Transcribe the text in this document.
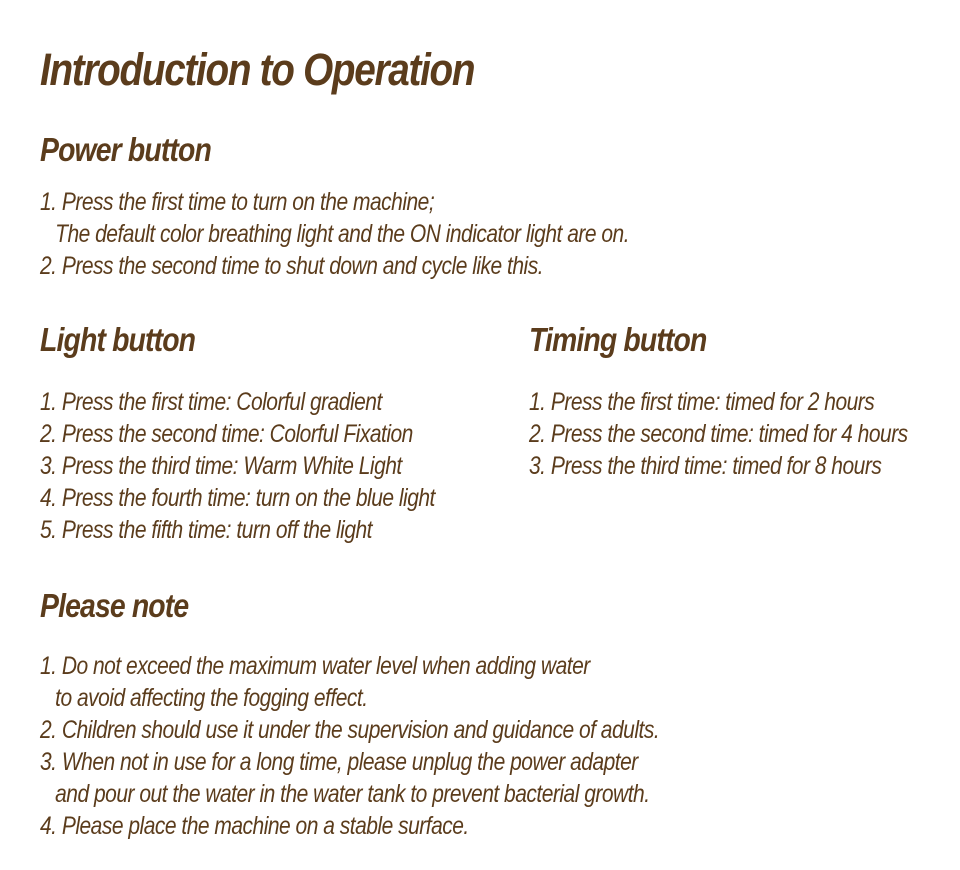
Introduction to Operation
Power button
1. Press the first time to turn on the machine;
The default color breathing light and the ON indicator light are on.
2. Press the second time to shut down and cycle like this.
Light button
1. Press the first time: Colorful gradient
2. Press the second time: Colorful Fixation
3. Press the third time: Warm White Light
4. Press the fourth time: turn on the blue light
5. Press the fifth time: turn off the light
Timing button
1. Press the first time: timed for 2 hours
2. Press the second time: timed for 4 hours
3. Press the third time: timed for 8 hours
Please note
1. Do not exceed the maximum water level when adding water
to avoid affecting the fogging effect.
2. Children should use it under the supervision and guidance of adults.
3. When not in use for a long time, please unplug the power adapter
and pour out the water in the water tank to prevent bacterial growth.
4. Please place the machine on a stable surface.
